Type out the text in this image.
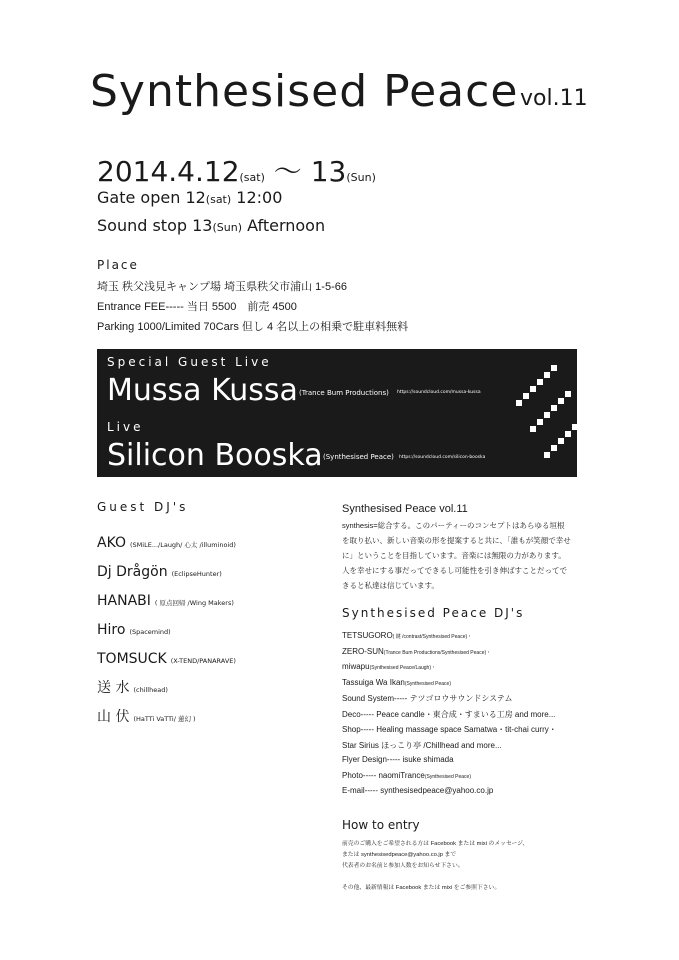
Synthesised Peace vol.11
2014.4.12(sat) 〜 13(Sun)
Gate open 12(sat) 12:00
Sound stop 13(Sun) Afternoon
Place
埼玉 秩父浅見キャンプ場 埼玉県秩父市浦山 1-5-66
Entrance FEE----- 当日 5500　前売 4500
Parking 1000/Limited 70Cars 但し 4 名以上の相乗で駐車料無料
Special Guest Live
Mussa Kussa (Trance Bum Productions) https://soundcloud.com/mussa-kussa
Live
Silicon Booska (Synthesised Peace) https://soundcloud.com/silicon-booska
Guest DJ's
AKO (SMiLE.../Laugh/ 心太 /illuminoid)
Dj Drågön (EclipseHunter)
HANABI ( 原点回帰 /Wing Makers)
Hiro (Spacemind)
TOMSUCK (X-TEND/PANARAVE)
送 水 (chillhead)
山 伏 (HaTTi VaTTi/ 蓮幻 )
Synthesised Peace vol.11
synthesis=総合する。このパーティーのコンセプトはあらゆる垣根
を取り払い、新しい音楽の形を提案すると共に、「誰もが笑顔で幸せ
に」ということを目指しています。音楽には無限の力があります。
人を幸せにする事だってできるし可能性を引き伸ばすことだってで
きると私達は信じています。
Synthesised Peace DJ's
TETSUGORO( 鍵 /contrast/Synthesised Peace)・
ZERO-SUN(Trance Bum Productions/Synthesised Peace)・
miwapu(Synthesised Peace/Laugh)・
Tassuiga Wa Ikan(Synthesised Peace)
Sound System----- テツゴロウサウンドシステム
Deco----- Peace candle・東合成・すまいる工房 and more...
Shop----- Healing massage space Samatwa・tit-chai curry・
Star Sirius ほっこり亭 /Chillhead and more...
Flyer Design----- isuke shimada
Photo----- naomiTrance(Synthesised Peace)
E-mail----- synthesisedpeace@yahoo.co.jp
How to entry
前売のご購入をご希望される方は Facebook または mixi のメッセージ、
または synthesisedpeace@yahoo.co.jp まで
代表者のお名前と参加人数をお知らせ下さい。
その他、最新情報は Facebook または mixi をご参照下さい。
